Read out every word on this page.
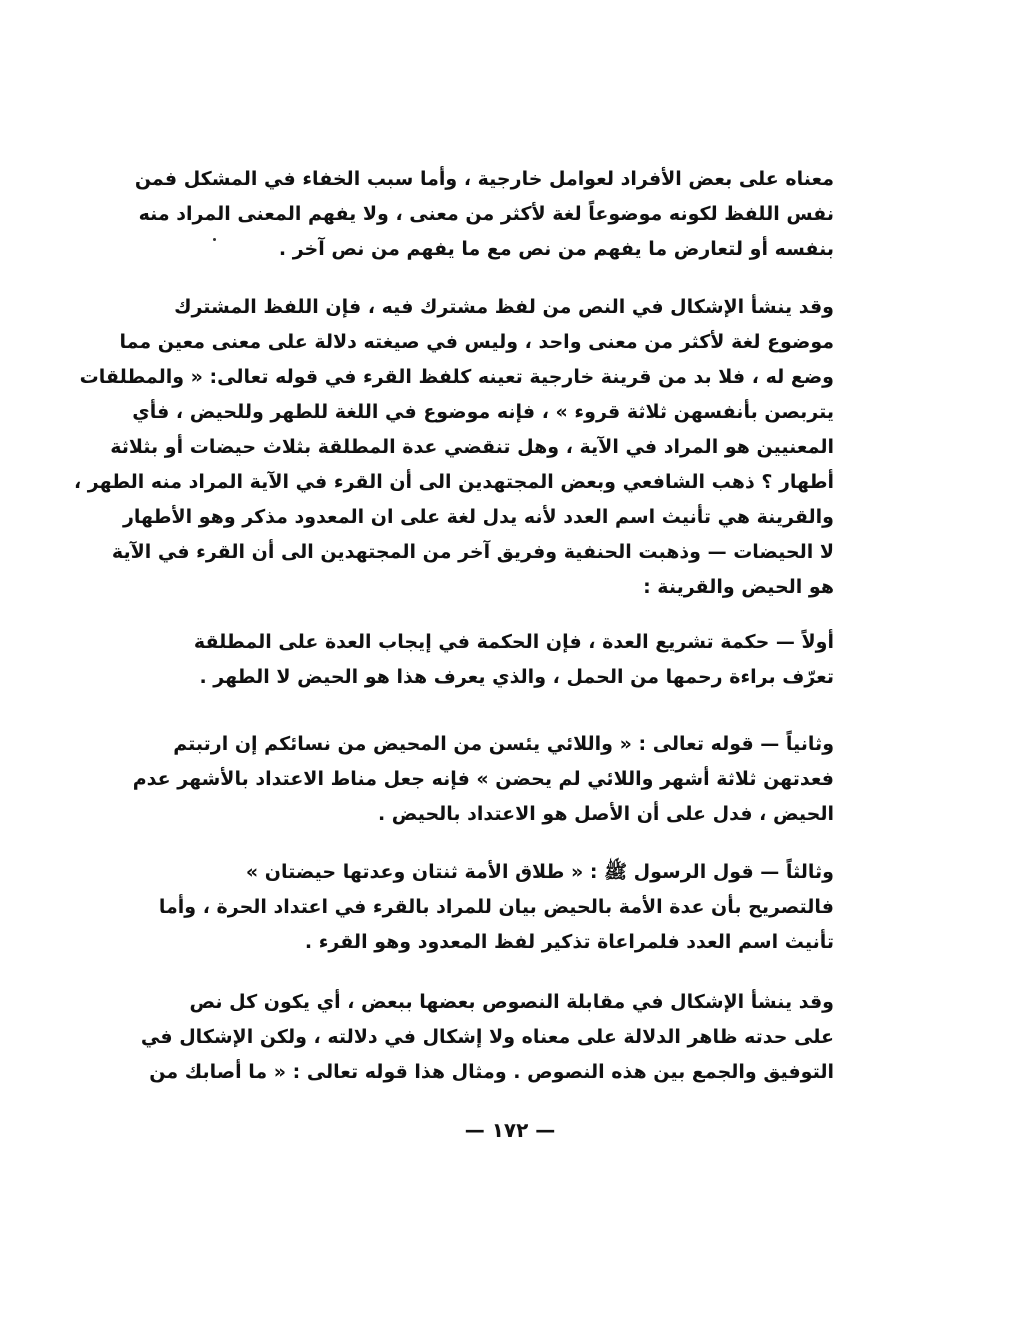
معناه على بعض الأفراد لعوامل خارجية ، وأما سبب الخفاء في المشكل فمن
نفس اللفظ لكونه موضوعاً لغة لأكثر من معنى ، ولا يفهم المعنى المراد منه
بنفسه أو لتعارض ما يفهم من نص مع ما يفهم من نص آخر .
وقد ينشأ الإشكال في النص من لفظ مشترك فيه ، فإن اللفظ المشترك
موضوع لغة لأكثر من معنى واحد ، وليس في صيغته دلالة على معنى معين مما
وضع له ، فلا بد من قرينة خارجية تعينه كلفظ القرء في قوله تعالى: « والمطلقات
يتربصن بأنفسهن ثلاثة قروء » ، فإنه موضوع في اللغة للطهر وللحيض ، فأي
المعنيين هو المراد في الآية ، وهل تنقضي عدة المطلقة بثلاث حيضات أو بثلاثة
أطهار ؟ ذهب الشافعي وبعض المجتهدين الى أن القرء في الآية المراد منه الطهر ،
والقرينة هي تأنيث اسم العدد لأنه يدل لغة على ان المعدود مذكر وهو الأطهار
لا الحيضات — وذهبت الحنفية وفريق آخر من المجتهدين الى أن القرء في الآية
هو الحيض والقرينة :
أولاً — حكمة تشريع العدة ، فإن الحكمة في إيجاب العدة على المطلقة
تعرّف براءة رحمها من الحمل ، والذي يعرف هذا هو الحيض لا الطهر .
وثانياً — قوله تعالى : « واللائي يئسن من المحيض من نسائكم إن ارتبتم
فعدتهن ثلاثة أشهر واللائي لم يحضن » فإنه جعل مناط الاعتداد بالأشهر عدم
الحيض ، فدل على أن الأصل هو الاعتداد بالحيض .
وثالثاً — قول الرسول ﷺ : « طلاق الأمة ثنتان وعدتها حيضتان »
فالتصريح بأن عدة الأمة بالحيض بيان للمراد بالقرء في اعتداد الحرة ، وأما
تأنيث اسم العدد فلمراعاة تذكير لفظ المعدود وهو القرء .
وقد ينشأ الإشكال في مقابلة النصوص بعضها ببعض ، أي يكون كل نص
على حدته ظاهر الدلالة على معناه ولا إشكال في دلالته ، ولكن الإشكال في
التوفيق والجمع بين هذه النصوص . ومثال هذا قوله تعالى : « ما أصابك من
— ١٧٢ —
